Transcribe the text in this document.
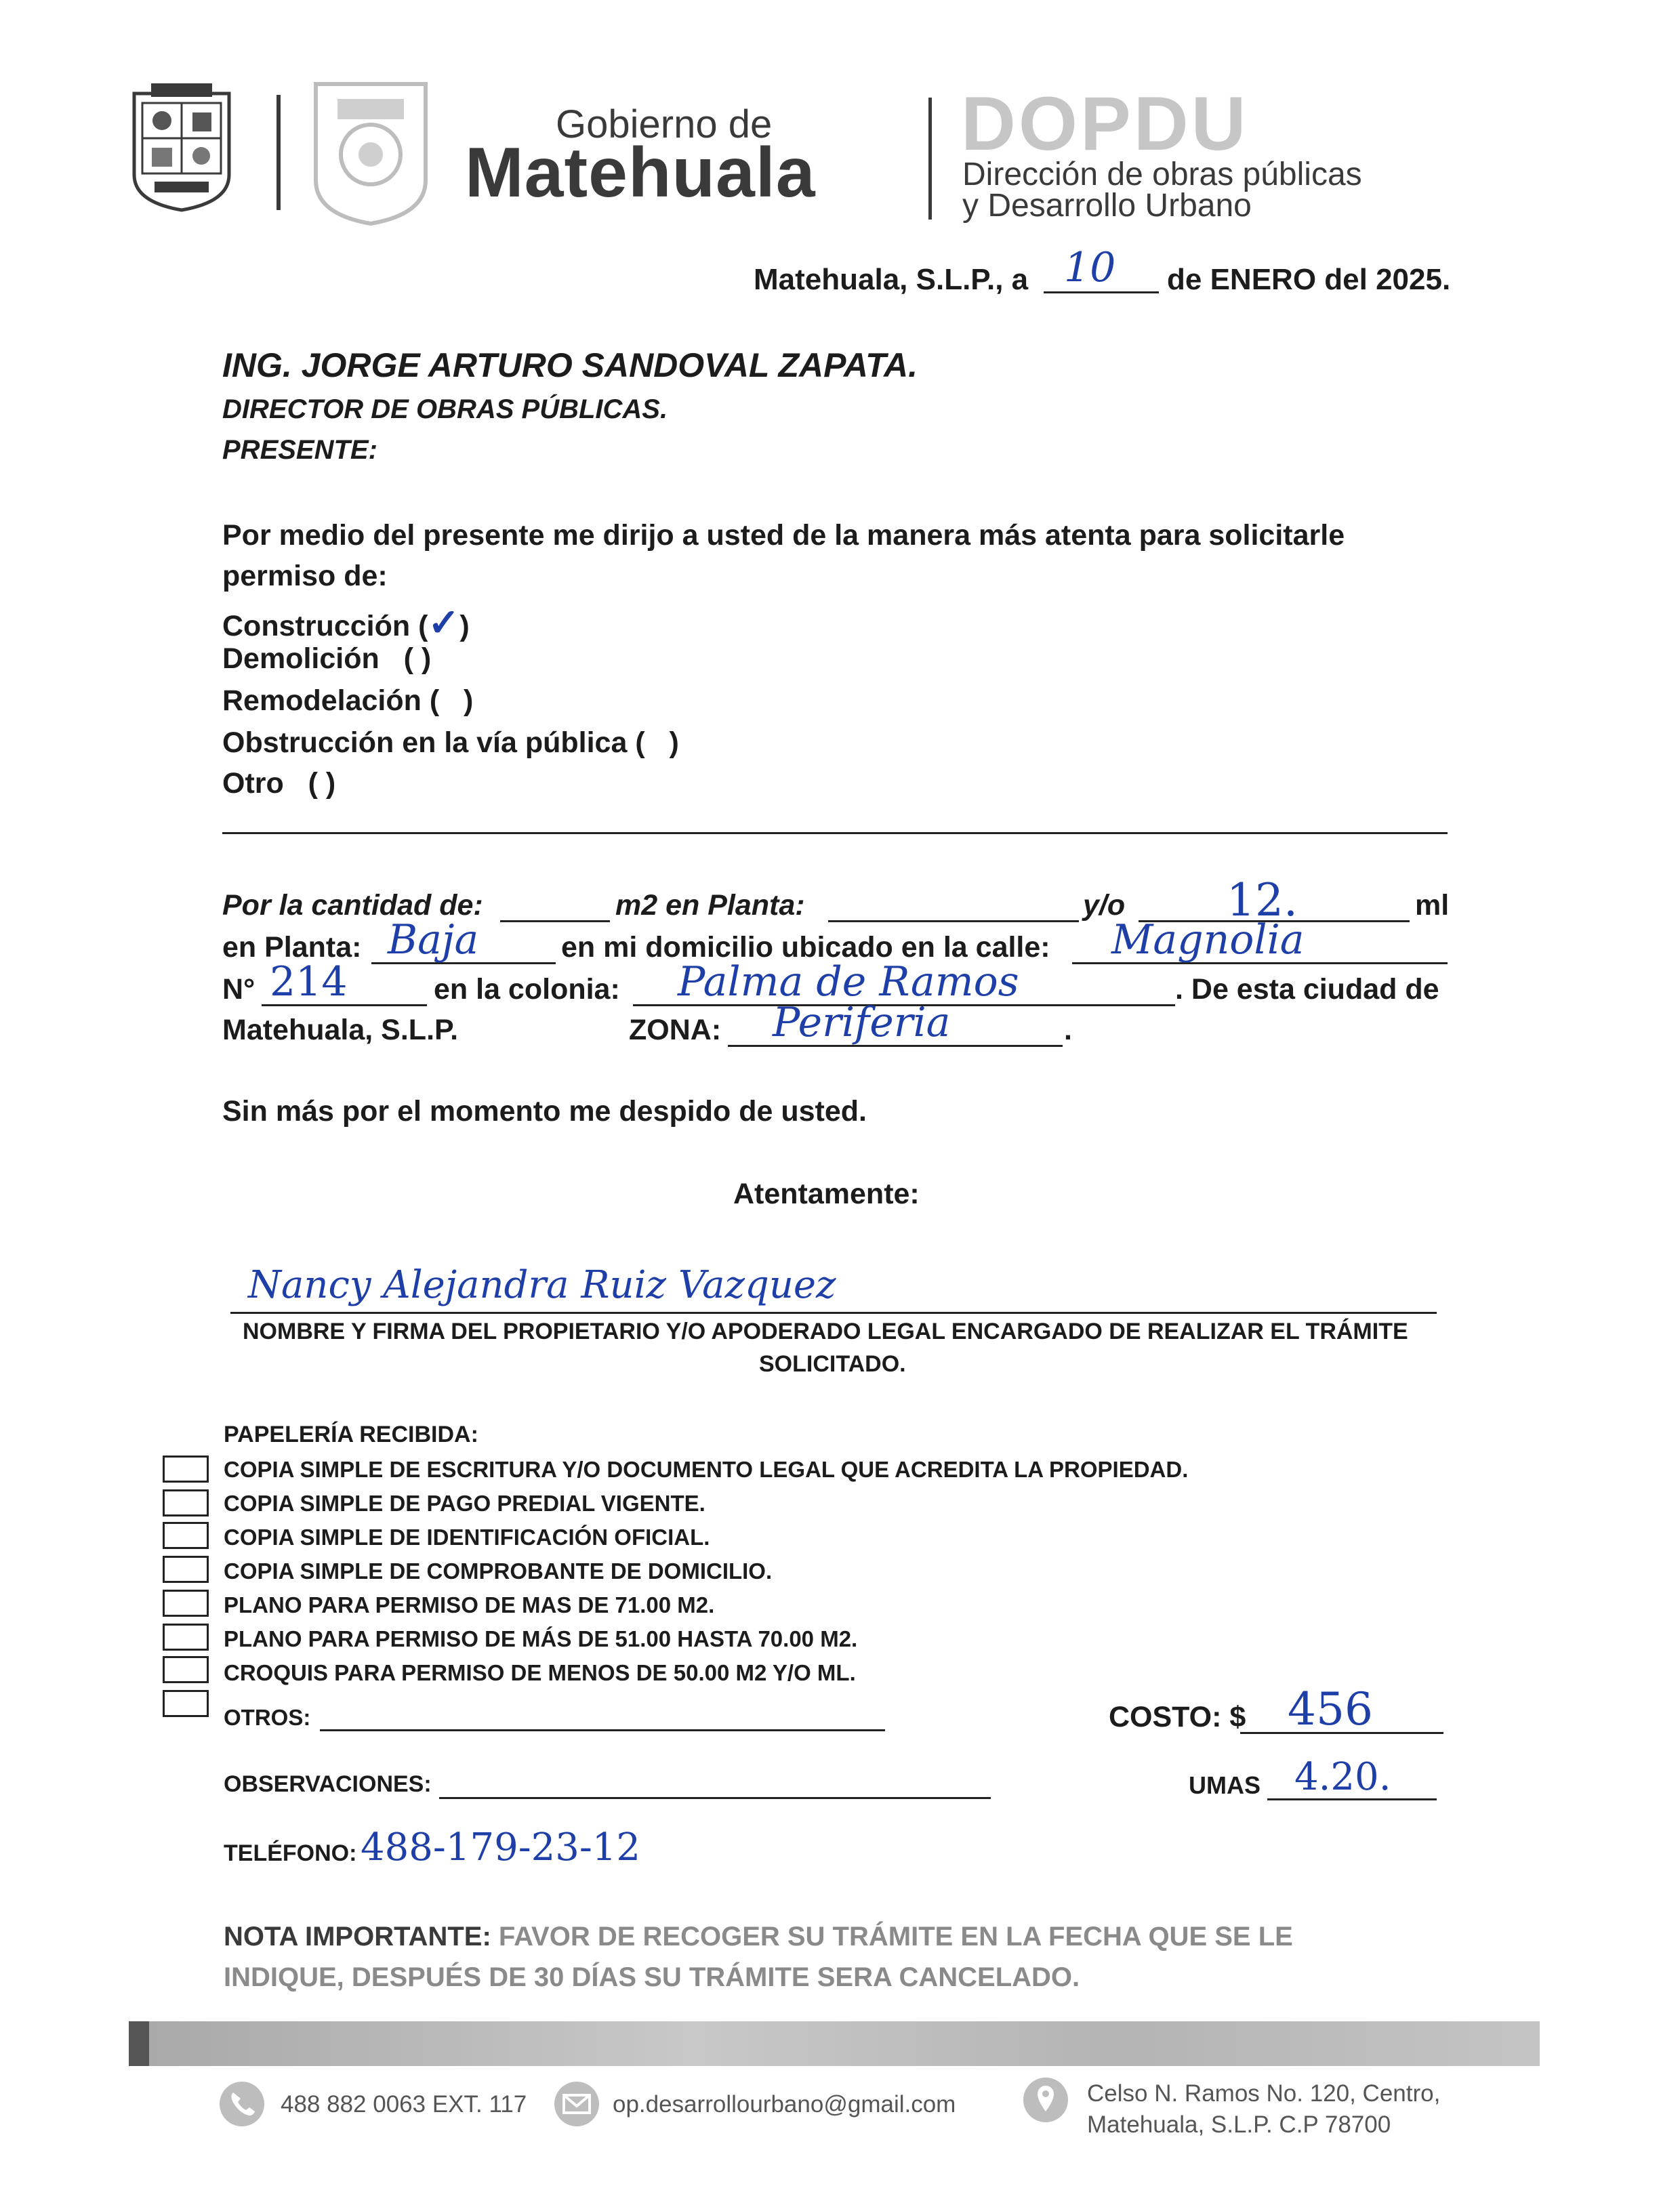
Gobierno de
Matehuala
DOPDU
Dirección de obras públicas
y Desarrollo Urbano
Matehuala, S.L.P., a 10 de ENERO del 2025.
ING. JORGE ARTURO SANDOVAL ZAPATA.
DIRECTOR DE OBRAS PÚBLICAS.
PRESENTE:
Por medio del presente me dirijo a usted de la manera más atenta para solicitarle
permiso de:
Construcción (✓)
Demolición ( )
Remodelación ( )
Obstrucción en la vía pública ( )
Otro ( )
Por la cantidad de:	m2 en Planta:	y/o 12.	ml
en Planta: Baja	en mi domicilio ubicado en la calle: Magnolia
N° 214	en la colonia: Palma de Ramos	. De esta ciudad de
Matehuala, S.L.P.	ZONA: Periferia	.
Sin más por el momento me despido de usted.
Atentamente:
Nancy Alejandra Ruiz Vazquez
NOMBRE Y FIRMA DEL PROPIETARIO Y/O APODERADO LEGAL ENCARGADO DE REALIZAR EL TRÁMITE
SOLICITADO.
PAPELERÍA RECIBIDA:
COPIA SIMPLE DE ESCRITURA Y/O DOCUMENTO LEGAL QUE ACREDITA LA PROPIEDAD.
COPIA SIMPLE DE PAGO PREDIAL VIGENTE.
COPIA SIMPLE DE IDENTIFICACIÓN OFICIAL.
COPIA SIMPLE DE COMPROBANTE DE DOMICILIO.
PLANO PARA PERMISO DE MAS DE 71.00 M2.
PLANO PARA PERMISO DE MÁS DE 51.00 HASTA 70.00 M2.
CROQUIS PARA PERMISO DE MENOS DE 50.00 M2 Y/O ML.
OTROS:	COSTO: $ 456
OBSERVACIONES:	UMAS 4.20.
TELÉFONO: 488-179-23-12
NOTA IMPORTANTE: FAVOR DE RECOGER SU TRÁMITE EN LA FECHA QUE SE LE
INDIQUE, DESPUÉS DE 30 DÍAS SU TRÁMITE SERA CANCELADO.
488 882 0063 EXT. 117	op.desarrollourbano@gmail.com	Celso N. Ramos No. 120, Centro,
Matehuala, S.L.P. C.P 78700
